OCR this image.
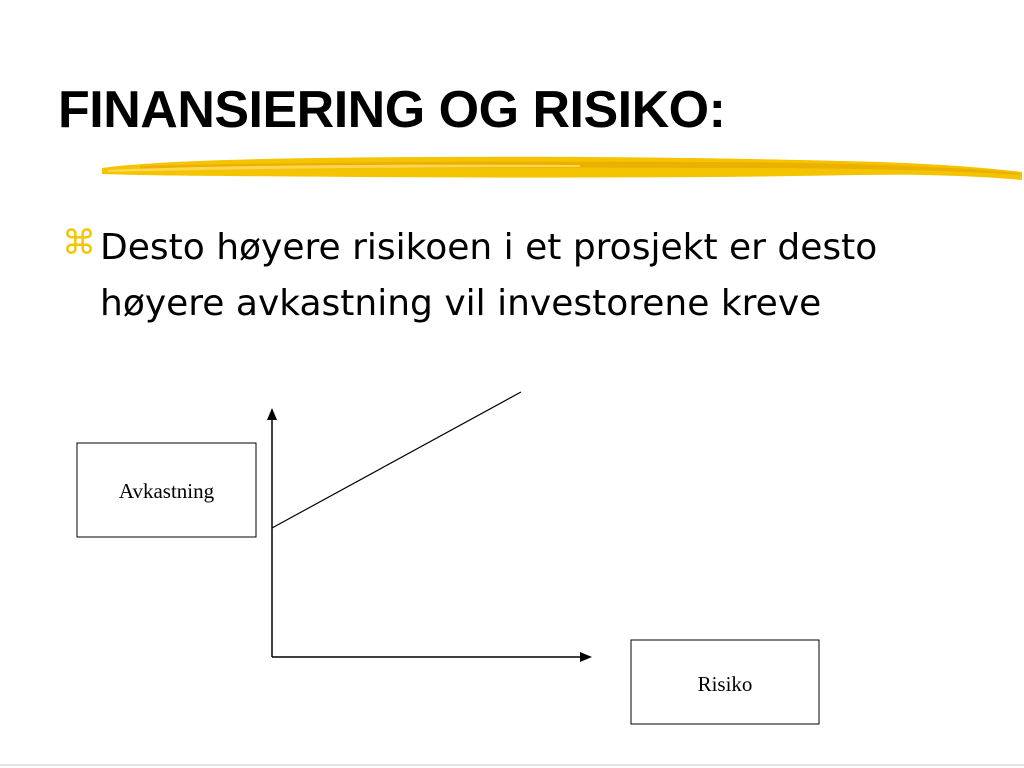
FINANSIERING OG RISIKO:
⌘ Desto høyere risikoen i et prosjekt er desto høyere avkastning vil investorene kreve
Avkastning
Risiko
